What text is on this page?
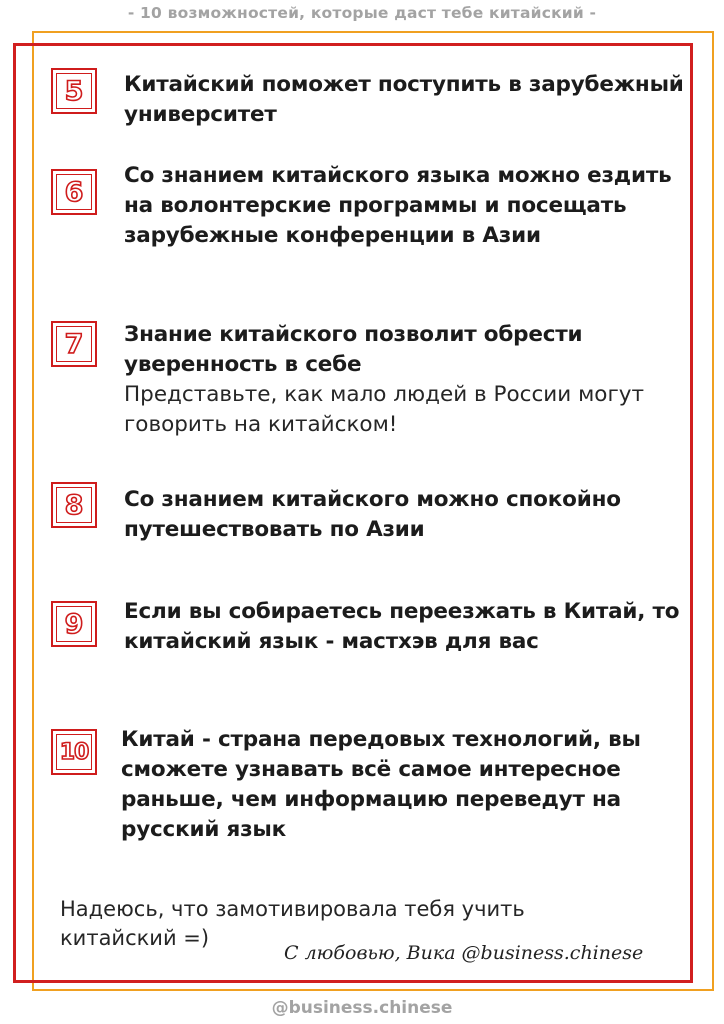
- 10 возможностей, которые даст тебе китайский -
5	Китайский поможет поступить в зарубежный университет
6
Со знанием китайского языка можно ездить на волонтерские программы и посещать зарубежные конференции в Азии
7	Знание китайского позволит обрести уверенность в себе
Представьте, как мало людей в России могут говорить на китайском!
8	Со знанием китайского можно спокойно путешествовать по Азии
9	Если вы собираетесь переезжать в Китай, то китайский язык - мастхэв для вас
10	Китай - страна передовых технологий, вы сможете узнавать всё самое интересное   раньше, чем информацию переведут на русский язык
Надеюсь, что замотивировала тебя учить китайский =)
С любовью, Вика @business.chinese
@business.chinese
